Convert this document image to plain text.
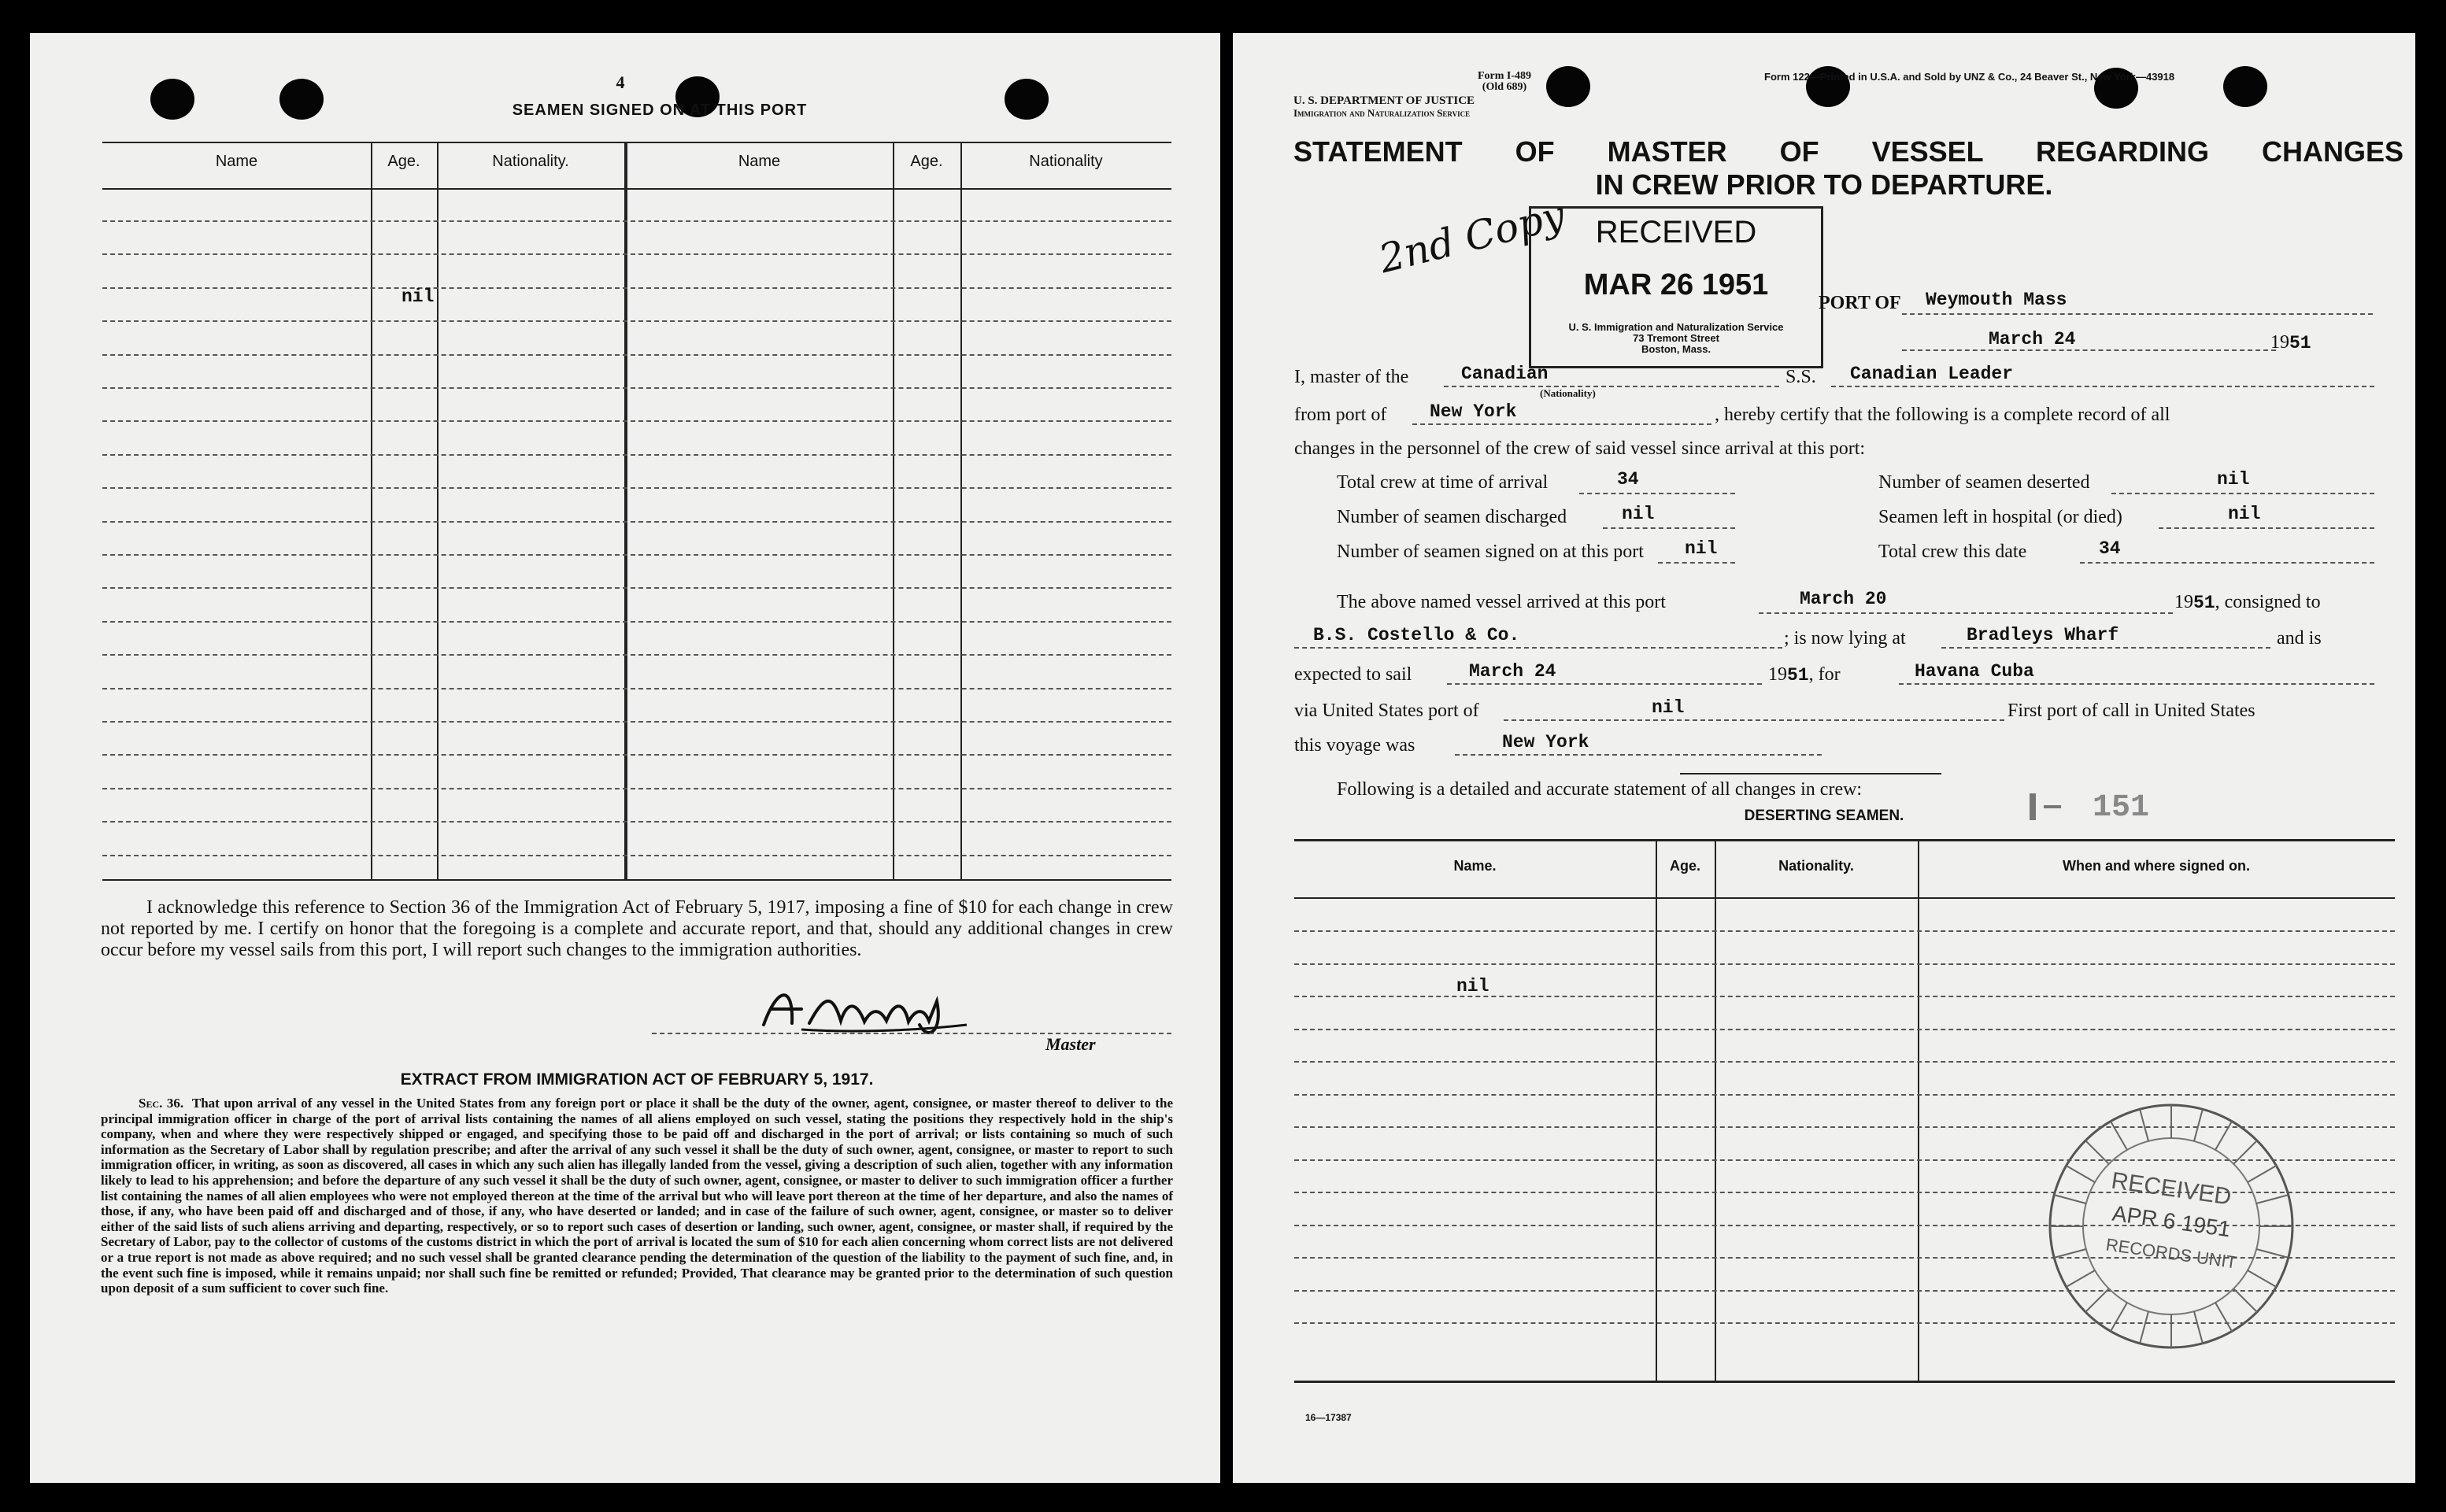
4
SEAMEN SIGNED ON AT THIS PORT
Name	Age.	Nationality.	Name	Age.	Nationality
nil
I acknowledge this reference to Section 36 of the Immigration Act of February 5, 1917, imposing a fine of $10 for each change in crew not reported by me. I certify on honor that the foregoing is a complete and accurate report, and that, should any additional changes in crew occur before my vessel sails from this port, I will report such changes to the immigration authorities.
Master
EXTRACT FROM IMMIGRATION ACT OF FEBRUARY 5, 1917.
Sec. 36. That upon arrival of any vessel in the United States from any foreign port or place it shall be the duty of the owner, agent, consignee, or master thereof to deliver to the principal immigration officer in charge of the port of arrival lists containing the names of all aliens employed on such vessel, stating the positions they respectively hold in the ship's company, when and where they were respectively shipped or engaged, and specifying those to be paid off and discharged in the port of arrival; or lists containing so much of such information as the Secretary of Labor shall by regulation prescribe; and after the arrival of any such vessel it shall be the duty of such owner, agent, consignee, or master to report to such immigration officer, in writing, as soon as discovered, all cases in which any such alien has illegally landed from the vessel, giving a description of such alien, together with any information likely to lead to his apprehension; and before the departure of any such vessel it shall be the duty of such owner, agent, consignee, or master to deliver to such immigration officer a further list containing the names of all alien employees who were not employed thereon at the time of the arrival but who will leave port thereon at the time of her departure, and also the names of those, if any, who have been paid off and discharged and of those, if any, who have deserted or landed; and in case of the failure of such owner, agent, consignee, or master so to deliver either of the said lists of such aliens arriving and departing, respectively, or so to report such cases of desertion or landing, such owner, agent, consignee, or master shall, if required by the Secretary of Labor, pay to the collector of customs of the customs district in which the port of arrival is located the sum of $10 for each alien concerning whom correct lists are not delivered or a true report is not made as above required; and no such vessel shall be granted clearance pending the determination of the question of the liability to the payment of such fine, and, in the event such fine is imposed, while it remains unpaid; nor shall such fine be remitted or refunded; Provided, That clearance may be granted prior to the determination of such question upon deposit of a sum sufficient to cover such fine.
Form I-489
(Old 689)
U. S. DEPARTMENT OF JUSTICE
Immigration and Naturalization Service
Form 122—Printed in U.S.A. and Sold by UNZ & Co., 24 Beaver St., New York—43918
STATEMENT OF MASTER OF VESSEL REGARDING CHANGES
IN CREW PRIOR TO DEPARTURE.
2nd Copy RECEIVED
MAR 26 1951
U. S. Immigration and Naturalization Service
73 Tremont Street
Boston, Mass.
PORT OF Weymouth Mass
March 24	1951
I, master of the	Canadian
(Nationality)
S.S. Canadian Leader
from port of New York	, hereby certify that the following is a complete record of all
changes in the personnel of the crew of said vessel since arrival at this port:
Total crew at time of arrival	34	Number of seamen deserted	nil
Number of seamen discharged	nil	Seamen left in hospital (or died)	nil
Number of seamen signed on at this port nil	Total crew this date	34
The above named vessel arrived at this port	March 20	1951, consigned to
B.S. Costello & Co.	; is now lying at	Bradleys Wharf	and is
expected to sail	March 24	1951, for	Havana Cuba
via United States port of	nil	First port of call in United States
this voyage was	New York
Following is a detailed and accurate statement of all changes in crew:
DESERTING SEAMEN.	151
Name.	Age.	Nationality.	When and where signed on.
nil
RECEIVED
APR 6 1951
RECORDS UNIT
16—17387
